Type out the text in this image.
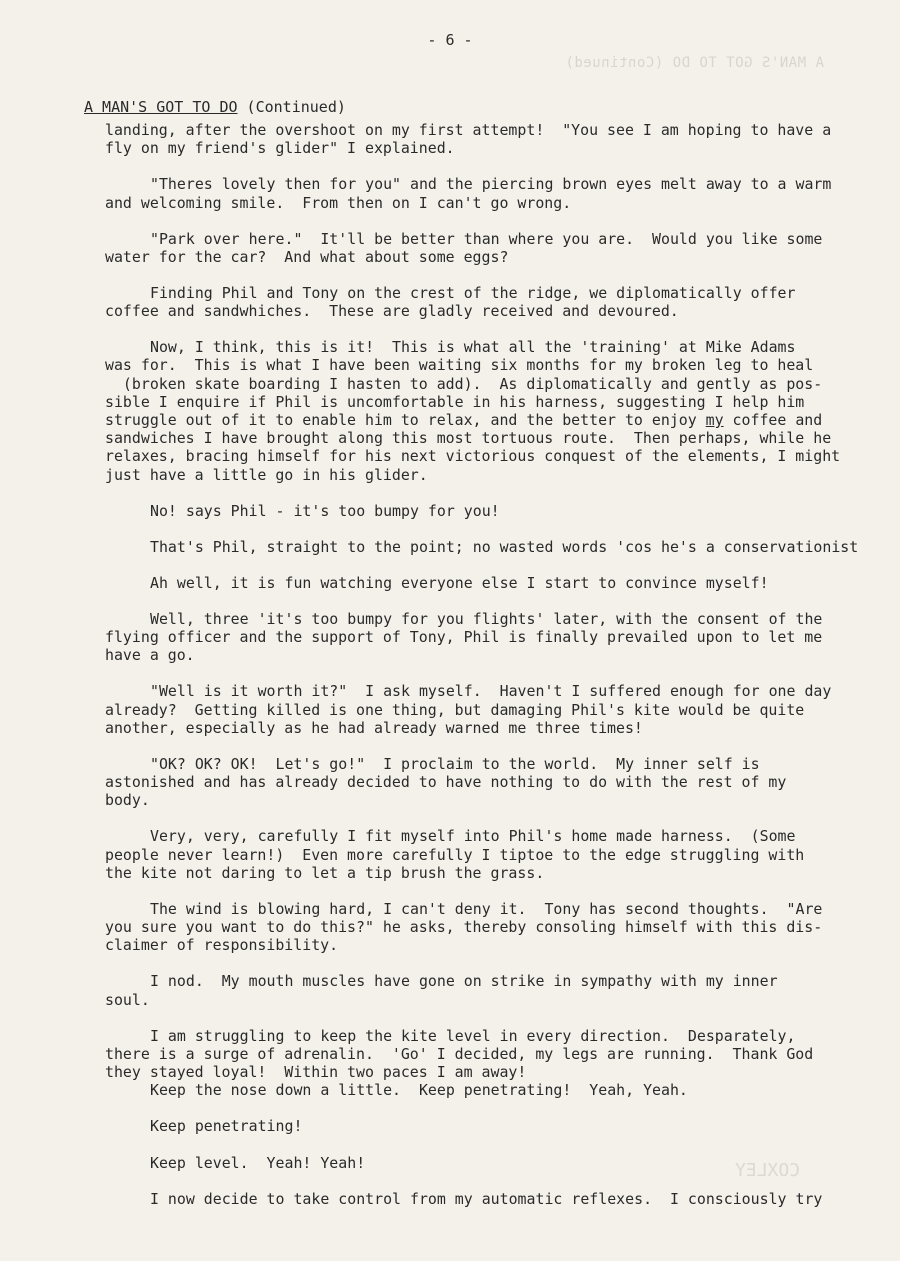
A MAN'S GOT TO DO (Continued)
- 6 -
A MAN'S GOT TO DO (Continued)

landing, after the overshoot on my first attempt!  "You see I am hoping to have a
fly on my friend's glider" I explained.

"Theres lovely then for you" and the piercing brown eyes melt away to a warm
and welcoming smile.  From then on I can't go wrong.

"Park over here."  It'll be better than where you are.  Would you like some
water for the car?  And what about some eggs?

Finding Phil and Tony on the crest of the ridge, we diplomatically offer
coffee and sandwhiches.  These are gladly received and devoured.

Now, I think, this is it!  This is what all the 'training' at Mike Adams
was for.  This is what I have been waiting six months for my broken leg to heal
(broken skate boarding I hasten to add).  As diplomatically and gently as pos-
sible I enquire if Phil is uncomfortable in his harness, suggesting I help him
struggle out of it to enable him to relax, and the better to enjoy my coffee and
sandwiches I have brought along this most tortuous route.  Then perhaps, while he
relaxes, bracing himself for his next victorious conquest of the elements, I might
just have a little go in his glider.

No! says Phil - it's too bumpy for you!

That's Phil, straight to the point; no wasted words 'cos he's a conservationist

Ah well, it is fun watching everyone else I start to convince myself!

Well, three 'it's too bumpy for you flights' later, with the consent of the
flying officer and the support of Tony, Phil is finally prevailed upon to let me
have a go.

"Well is it worth it?"  I ask myself.  Haven't I suffered enough for one day
already?  Getting killed is one thing, but damaging Phil's kite would be quite
another, especially as he had already warned me three times!

"OK? OK? OK!  Let's go!"  I proclaim to the world.  My inner self is
astonished and has already decided to have nothing to do with the rest of my
body.

Very, very, carefully I fit myself into Phil's home made harness.  (Some
people never learn!)  Even more carefully I tiptoe to the edge struggling with
the kite not daring to let a tip brush the grass.

The wind is blowing hard, I can't deny it.  Tony has second thoughts.  "Are
you sure you want to do this?" he asks, thereby consoling himself with this dis-
claimer of responsibility.

I nod.  My mouth muscles have gone on strike in sympathy with my inner
soul.

I am struggling to keep the kite level in every direction.  Desparately,
there is a surge of adrenalin.  'Go' I decided, my legs are running.  Thank God
they stayed loyal!  Within two paces I am away!

Keep the nose down a little.  Keep penetrating!  Yeah, Yeah.

Keep penetrating!

Keep level.  Yeah! Yeah!

I now decide to take control from my automatic reflexes.  I consciously try

COXLEY
